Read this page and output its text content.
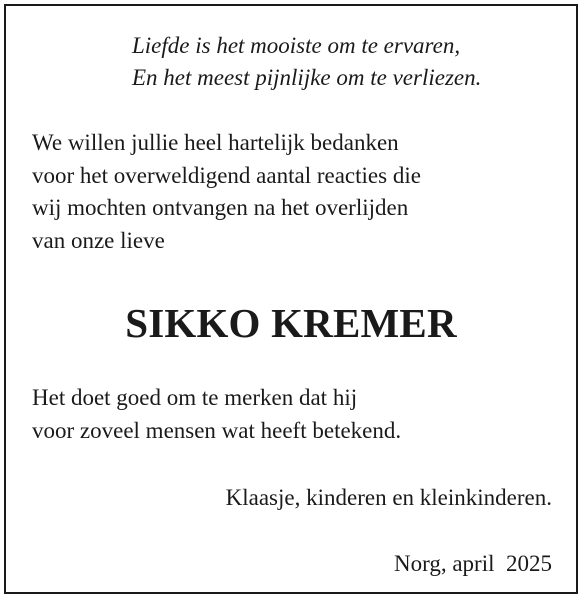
Liefde is het mooiste om te ervaren,
En het meest pijnlijke om te verliezen.
We willen jullie heel hartelijk bedanken
voor het overweldigend aantal reacties die
wij mochten ontvangen na het overlijden
van onze lieve
SIKKO KREMER
Het doet goed om te merken dat hij
voor zoveel mensen wat heeft betekend.
Klaasje, kinderen en kleinkinderen.
Norg, april  2025
